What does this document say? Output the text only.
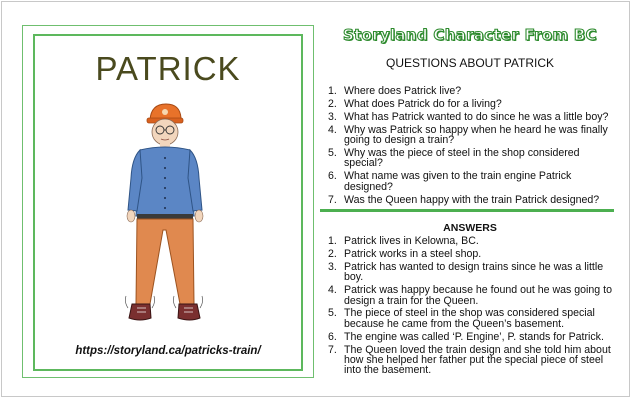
PATRICK
https://storyland.ca/patricks-train/
Storyland Character From BC
QUESTIONS ABOUT PATRICK
1. Where does Patrick live?
2. What does Patrick do for a living?
3. What has Patrick wanted to do since he was a little boy?
4. Why was Patrick so happy when he heard he was finally going to design a train?
5. Why was the piece of steel in the shop considered special?
6. What name was given to the train engine Patrick designed?
7. Was the Queen happy with the train Patrick designed?
ANSWERS
1. Patrick lives in Kelowna, BC.
2. Patrick works in a steel shop.
3. Patrick has wanted to design trains since he was a little boy.
4. Patrick was happy because he found out he was going to design a train for the Queen.
5. The piece of steel in the shop was considered special because he came from the Queen’s basement.
6. The engine was called ‘P. Engine’, P. stands for Patrick.
7. The Queen loved the train design and she told him about how she helped her father put the special piece of steel into the basement.
